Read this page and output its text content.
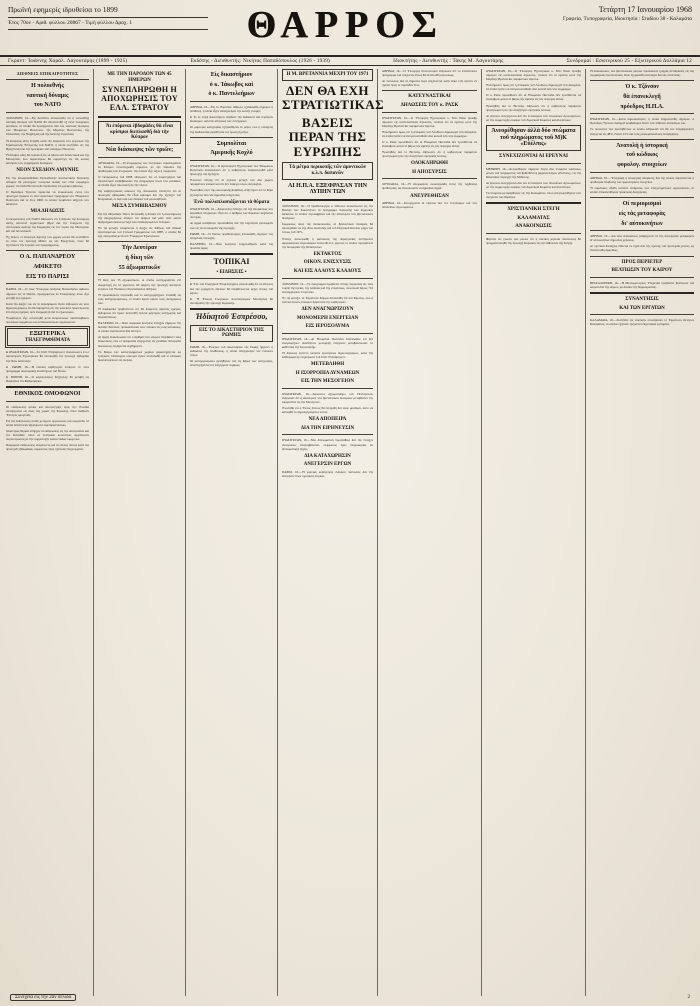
Πρωϊνή εφημερίς ιδρυθείσα το 1899
Έτος 70ον - Αριθ. φύλλου 20867 - Τιμή φύλλου Δραχ. 1	ΘΑΡΡΟΣ	Τετάρτη 17 Ιανουαρίου 1968
Γραφεία, Τυπογραφεία, Ιδιοκτησία : Σταδίου 38 - Καλαμάτα
Γκραντ: Ἰωάννης Χαραλ. Λαγουτάρης (1899 - 1925)	Εκδότης - Διευθυντής: Νικήτας Παπαδόπουλος (1926 - 1939)	Ιδιοκτήτης - Διευθυντής : Τάκης Μ. Λαγουτάρης	Συνδρομαί : Εσωτερικού 25 - Εξωτερικού Δολλάρια 12
ΔΙΕΘΝΕΙΣ ΕΠΙΚΑΙΡΟΤΗΤΕΣ
Η πολυεθνής
ναυτική δύναμις
του ΝΑΤΟ

ΛΟΝΔΙΝΟΝ, 16.—Εἰς Λονδῖνον ἀνεκοινώθη ὅτι ἡ πολυεθνὴς ναυτικὴ δύναμις τοῦ ΝΑΤΟ θὰ ἀποτελεσθῆ ἐξ ἑπτὰ πολεμικῶν μονάδων, αἱ ὁποῖαι θὰ προέρχωνται ἀπὸ τὰς ναυτικὰς δυνάμεις τῶν Ἡνωμένων Πολιτειῶν, τῆς Μεγάλης Βρεταννίας, τῆς Ὁλλανδίας, τῆς Νορβηγίας καὶ τῆς Δυτικῆς Γερμανίας.

Ἡ ἀπόφασις αὕτη ἐλήφθη κατὰ τὴν διάρκειαν τῶν ἐργασιῶν τῆς Στρατιωτικῆς Ἐπιτροπῆς τοῦ ΝΑΤΟ, ἡ ὁποία συνῆλθεν εἰς τὰς Βρυξέλλας ὑπὸ τὴν προεδρίαν τοῦ ναυάρχου Νίκολσον.

Ἡ δύναμις αὕτη θὰ περιπολῆ εἰς τὰ ὕδατα τοῦ Ἀτλαντικοῦ καὶ τῆς Μεσογείου, ἐνῶ παραλλήλως θὰ συμμετέχη εἰς τὰς κοινὰς ἀσκήσεις τῶν συμμαχικῶν δυνάμεων.

ΝΕΟΝ ΣΧΕΔΙΟΝ ΑΜΥΝΗΣ

Εἰς τὴν ἀποφασισθεῖσαν Πολυεθνικὴν Διατλαντικὴν Ναυτικὴν Δύναμιν θὰ μετάσχουν πολεμικὰ σκάφη τῶν ἑπτὰ συμμάχων χωρῶν, τὰ ὁποῖα θὰ ἐκτελοῦν περιπολίας ἐπὶ μονίμου βάσεως.

Ὁ Πρόεδρος Τζόνσον πρόκειται νὰ ἀνακοινώση ἐντὸς τῶν προσεχῶν ἡμερῶν τὸ νέον ἀμυντικὸν πρόγραμμα τῶν Ἡνωμένων Πολιτειῶν διὰ τὸ ἔτος 1968, τὸ ὁποῖον προβλέπει αὔξησιν τῶν δαπανῶν.

ΜΙΑ ΔΗΛΩΣΙΣ

Ὁ ἐκπρόσωπος τοῦ ΝΑΤΟ ἐδήλωσεν ὅτι ἡ ἵδρυσις τῆς δυνάμεως αὐτῆς ἀποτελεῖ σημαντικὸν βῆμα διὰ τὴν ἐνίσχυσιν τῆς συλλογικῆς ἀμύνης τῆς Συμμαχίας εἰς τὸν τομέα τῆς Μεσογείου καὶ τοῦ Ἀτλαντικοῦ.

Ἐξ ἄλλου, οἱ ὑπουργοὶ Ἀμύνης τῶν χωρῶν μελῶν θὰ συνέλθουν ἐκ νέου τὸν προσεχῆ Μάϊον εἰς τὰς Βρυξέλλας, ὅπου θὰ ἐξετάσουν τὴν πορείαν τοῦ προγράμματος.

Ο Α. ΠΑΠΑΝΔΡΕΟΥ
ΑΦΙΚΕΤΟ
ΕΙΣ ΤΟ ΠΑΡΙΣΙ

ΠΑΡΙΣΙ, 16.—Ὁ τέως Ὑπουργὸς Ἀνδρέας Παπανδρέου ἀφίκετο σήμερον εἰς τὸ Παρίσι, προερχόμενος ἐκ Στοκχόλμης, ὅπου εἶχε μεταβῆ πρὸ ἡμερῶν.

Κατὰ τὴν ἄφιξίν του εἰς τὸ ἀεροδρόμιον Ὀρλὺ ἐδήλωσεν εἰς τοὺς δημοσιογράφους ὅτι θὰ παραμείνη εἰς τὴν γαλλικὴν πρωτεύουσαν ἐπὶ ὀλίγας ἡμέρας, πρὶν ἀναχωρήση διὰ τὸ ἐξωτερικόν.

Ἐνωρίτερον εἶχε συναντηθῆ μετὰ ἐκπροσώπων σκανδιναβικῶν πολιτικῶν κομμάτων καὶ συνδικαλιστικῶν ὀργανώσεων.

ΕΞΩΤΕΡΙΚΑ
ΤΗΛΕΓΡΑΦΗΜΑΤΑ

● ΟΥΑΣΙΓΚΤΩΝ, 16.—Τὸ Στέϊτ Ντηπάρτμεντ ἀνεκοίνωσεν ὅτι ὁ ὑφυπουργὸς Ἐξωτερικῶν θὰ ἐπισκεφθῆ τὴν προσεχῆ ἑβδομάδα τὴν Ἄπω Ἀνατολήν.

● ΡΩΜΗ, 16.—Ἡ ἰταλικὴ κυβέρνησις ἐνέκρινε τὸ νέον πρόγραμμα οἰκονομικῆς ἀναπτύξεως τοῦ Νότου.

● ΒΟΝΝΗ, 16.—Ὁ καγκελλάριος Κήζινγκερ θὰ μεταβῆ εἰς Παρισίους τὸν Φεβρουάριον.

ΕΘΝΙΚΟΣ ΟΜΟΦΩΝΟΙ

Οἱ ἐκδηλώσεις φιλίας καὶ ἀλληλεγγύης πρὸς τὴν Ἑλλάδα συνεχίζονται εἰς ὅλας τὰς χώρας τῆς Εὐρώπης, ὅπου διαβιοῦν Ἕλληνες ὁμογενεῖς.

Εἰς τὰς ἐκδηλώσεις αὐτὰς μετέχουν ὀργανώσεις καὶ σωματεῖα, τὰ ὁποῖα ἀπέστειλαν ψηφίσματα συμπαραστάσεως.

Ἰδιαιτέρως θερμαὶ ὑπῆρξαν αἱ ἐκδηλώσεις εἰς τὴν Αὐστραλίαν καὶ τὸν Καναδᾶν, ὅπου αἱ ἑλληνικαὶ κοινότητες ὠργάνωσαν συγκεντρώσεις μὲ τὴν συμμετοχὴν ἑκατοντάδων ὁμογενῶν.

Παρόμοιαι ἐκδηλώσεις ἀνεμένοντο καὶ εἰς ἄλλας πόλεις κατὰ τὰς προσεχεῖς ἑβδομάδας, συμφώνως πρὸς σχετικὰς πληροφορίας.

ΜΕ ΤΗΝ ΠΑΡΟΔΟΝ ΤΩΝ 45 ΗΜΕΡΩΝ
ΣΥΝΕΠΛΗΡΩΘΗ Η ΑΠΟΧΩΡΗΣΙΣ ΤΟΥ ΕΛΛ. ΣΤΡΑΤΟΥ
Ἅι ἐπόμεναι ἑβδομάδες θὰ εἶναι κρίσιμοι διεπλασθῆ διὰ τὴν Κύπρον
Νέα διάσκεψις τῶν τριῶν;

ΛΕΥΚΩΣΙΑ, 16.—Ἡ ἀποχώρησις τῶν ἑλληνικῶν στρατευμάτων ἐκ Κύπρου συνεπληρώθη σήμερον, μὲ τὴν πάροδον τῆς προθεσμίας τῶν 45 ἡμερῶν, τὴν ὁποίαν εἶχε τάξει ἡ συμφωνία.

Ὁ ἐκπρόσωπος τοῦ ΟΗΕ ἐδήλωσεν ὅτι αἱ παρατηρηταὶ τοῦ Ὀργανισμοῦ ἐπεβεβαίωσαν τὴν ἀναχώρησιν ὅλων τῶν μονάδων, αἱ ὁποῖαι εἶχον ἀποσταλῆ εἰς τὴν νῆσον.

Εἰς κυβερνητικοὺς κύκλους τῆς Λευκωσίας ἐτονίζετο ὅτι αἱ προσεχεῖς ἑβδομάδες θὰ εἶναι κρίσιμοι διὰ τὴν ἐξέλιξιν τοῦ Κυπριακοῦ, ἐν ὄψει καὶ τῶν ἐπαφῶν τοῦ μεσολαβητοῦ.

ΜΕΣΑ ΣΥΜΒΙΒΑΣΜΟΥ

Εἰς τὴν ἀθηναϊκὴν Τύπον διετυπώθη ἡ ἄποψις ὅτι ἡ ὁλοκλήρωσις τῆς ἀποχωρήσεως ἀνοίγει τὸν δρόμον διὰ μίαν νέαν φάσιν διαπραγματεύσεων μεταξὺ τῶν ἐνδιαφερομένων πλευρῶν.

Ἐν τῷ μεταξύ, ἀναμένεται ἡ ἄφιξις εἰς Ἀθήνας τοῦ εἰδικοῦ ἀπεσταλμένου τοῦ Γενικοῦ Γραμματέως τοῦ ΟΗΕ, ὁ ὁποῖος θὰ ἔχη συνομιλίας μετὰ τοῦ Ὑπουργοῦ Ἐξωτερικῶν.

Τὴν Δευτέραν
ἡ δίκη τῶν
55 ἀξιωματικῶν

Ἡ δίκη τῶν 55 ἀξιωματικῶν, οἱ ὁποῖοι κατηγοροῦνται ἐπὶ συμμετοχῆ εἰς τὰ γεγονότα, θὰ ἀρχίση τὴν προσεχῆ Δευτέραν ἐνώπιον τοῦ Ἐκτάκτου Στρατοδικείου Ἀθηνῶν.

Ἡ προανάκρισις περατώθη καὶ τὸ κατηγορητήριον ἐπεδόθη εἰς τοὺς κατηγορουμένους, οἱ ὁποῖοι ἔχουν ὁρίσει τοὺς συνηγόρους των.

Ἡ διαδικασία προβλέπεται ὅτι θὰ διαρκέση ἀρκετὰς ἡμέρας, δεδομένου ὅτι ἔχουν κλητευθῆ πολλοὶ μάρτυρες κατηγορίας καὶ ὑπερασπίσεως.

ΠΑΛΕΡΜΟ, 16.—Νέαι σεισμικαὶ δονήσεις ἔπληξαν σήμερον τὴν δυτικὴν Σικελίαν, προκαλέσασαι νέον πανικὸν εἰς τοὺς κατοίκους, οἱ ὁποῖοι εὑρίσκονται ἤδη ἄστεγοι.

Αἱ ἀρχαὶ ἀνακοίνωσαν ὅτι ὁ ἀριθμὸς τῶν νεκρῶν ὑπερβαίνει τοὺς διακοσίους, ἐνῶ οἱ τραυματίαι ἀνέρχονται εἰς χιλιάδας. Συνεργεῖα διασώσεως ἐργάζονται νυχθημερόν.

Τὸ θέαμα τῶν κατεστραμμένων χωρίων χαρακτηρίζεται ὡς τραγικόν. Ὁλόκληροι οἰκισμοὶ ἔχουν ἰσοπεδωθῆ καὶ οἱ κάτοικοι διανυκτερεύουν εἰς σκηνάς.

Εἰς δικαστήριον
ὁ κ. Ἰάκωβος καὶ
ὁ κ. Παντελεήμων

ΑΘΗΝΑΙ, 16.—Εἰς τὸ Ἐφετεῖον Ἀθηνῶν ἐξεδικάσθη σήμερον ἡ ὑπόθεσις, ἡ ὁποία εἶχεν ἀπασχολήσει τὴν κοινὴν γνώμην.

● Τὸ ἐν λόγῳ Δικαστήριον ἀνέβαλε τὴν ἐκδίκασιν διὰ νεωτέραν δικάσιμον, κατόπιν αἰτήσεως τῶν συνηγόρων.

Οἱ μάρτυρες κατηγορίας ἐξητάσθησαν ἐν μέρει, ἐνῶ ἡ συνέχισις τῆς διαδικασίας ὡρίσθη διὰ τὸν προσεχῆ μῆνα.

Συμπολίται
Ἀμερικῆς Κοχλό

ΟΥΑΣΙΓΚΤΩΝ, 16.—Ὁ ὑφυπουργὸς Ἐξωτερικῶν τῶν Ἡνωμένων Πολιτειῶν ἀνεκοίνωσεν ὅτι ἡ κυβέρνησις παρακολουθεῖ μετὰ προσοχῆς τὰς ἐξελίξεις.

Ἐτόνισεν ἐπίσης ὅτι αἱ σχέσεις μεταξὺ τῶν δύο χωρῶν παραμένουν φιλικαὶ καὶ ὅτι δὲν ὑπάρχει λόγος ἀνησυχίας.

Ἐρωτηθεὶς περὶ τῆς οἰκονομικῆς βοηθείας, ἀπήντησεν ὅτι τὸ θέμα ἐξετάζεται ἀπὸ τὰς ἁρμοδίας ὑπηρεσίας.

Ἐνῶ πολλαπλασιάζονται τὰ θύματα

ΟΥΑΣΙΓΚΤΩΝ, 16.—Σαφεστάτη ἔνδειξις ἐπὶ τῆς ἀποφάσεως τῶν ἁρμοδίων ὑπηρεσιῶν εἶναι ὅτι ὁ ἀριθμὸς τῶν θυμάτων αὐξάνεται συνεχῶς.

Αἱ ἀρχαὶ κατέβαλαν προσπαθείας διὰ τὴν ταχυτέραν μεταφοράν των εἰς τὰ νοσοκομεῖα τῆς περιοχῆς.

ΡΩΜΗ, 16.—Ὁ Ἰταλὸς πρωθυπουργὸς ἐπεσκέφθη σήμερον τὰς πληγείσας περιοχάς.

ΠΑΛΕΡΜΟ, 16.—Νέαι δονήσεις ἐσημειώθησαν κατὰ τὰς πρωϊνὰς ὥρας.

ΤΟΠΙΚΑΙ
• ΕΙΔΗΣΕΙΣ •

● Ὑπὸ τοῦ Γεωργικοῦ Ἐπιμελητηρίου ἀνεκοινώθη ὅτι αἱ αἰτήσεις διὰ τὴν χορήγησιν δανείων θὰ ὑποβάλλωνται μέχρι τέλους τοῦ μηνός.

● Ἡ Ἕνωσις Γεωργικῶν Συνεταιρισμῶν Μεσσηνίας θὰ συνεδριάση τὴν προσεχῆ Κυριακήν.

Ἠδίκητοῦ Ἐσπρέσσο,
ΕΙΣ ΤΟ ΔΙΚΑΣΤΗΡΙΟΝ ΤΗΣ ΡΩΜΗΣ

ΡΩΜΗ, 16.—Ἐνώπιον τοῦ Δικαστηρίου τῆς Ρώμης ἤρχισεν ἡ ἐκδίκασις τῆς ὑποθέσεως, ἡ ὁποία ἀπησχόλησε τὸν ἰταλικὸν τύπον.

Οἱ κατηγορούμενοι ἠρνήθησαν τὰς εἰς βάρος των κατηγορίας, ὑποστηρίξαντες ὅτι ἐνήργησαν νομίμως.

Η Μ. ΒΡΕΤΑΝΝΙΑ ΜΕΧΡΙ ΤΟΥ 1971
ΔΕΝ ΘΑ ΕΧΗ ΣΤΡΑΤΙΩΤΙΚΑΣ
ΒΑΣΕΙΣ ΠΕΡΑΝ ΤΗΣ ΕΥΡΩΠΗΣ
Τὰ μέτρα περικοπῆς τῶν ἀμυντικῶν κ.λ.π. δαπανῶν
ΑΙ Η.Π.Α. ΕΞΕΦΡΑΣΑΝ ΤΗΝ ΛΥΠΗΝ ΤΩΝ

ΛΟΝΔΙΝΟΝ, 16.—Ὁ πρωθυπουργὸς κ. Οὐίλσον ἀνεκοίνωσεν εἰς τὴν Βουλὴν τῶν Κοινοτήτων τὸ πρόγραμμα περικοπῆς τῶν δημοσίων δαπανῶν, τὸ ὁποῖον περιλαμβάνει καὶ τὴν ἀπόσυρσιν τῶν βρεταννικῶν δυνάμεων.

Συμφώνως πρὸς τὰς ἀνακοινώσεις, αἱ βρεταννικαὶ δυνάμεις θὰ ἀποσυρθοῦν ἐκ τῆς Ἄπω Ἀνατολῆς καὶ τοῦ Περσικοῦ Κόλπου μέχρι τοῦ τέλους τοῦ 1971.

Ἐπίσης ἀνεκοινώθη ἡ ματαίωσις τῆς παραγγελίας πεντήκοντα ἀμερικανικῶν ἀεροσκαφῶν τύπου Φ-111, γεγονὸς τὸ ὁποῖον προεκάλεσε τὴν δυσφορίαν τῆς Οὐάσιγκτων.

ΕΚΤΑΚΤΟΣ
ΟΙΚΟΝ. ΕΝΙΣΧΥΣΙΣ
ΚΑΙ ΕΙΣ ΑΛΛΟΥΣ ΚΛΑΔΟΥΣ

ΛΟΝΔΙΝΟΝ, 16.—Τὸ πρόγραμμα προβλέπει ἐπίσης περικοπὰς εἰς τοὺς τομεῖς τῆς ὑγείας, τῆς παιδείας καὶ τῆς στεγάσεως, συνολικοῦ ὕψους 716 ἑκατομμυρίων στερλινῶν.

Ἐν τῷ μεταξύ, τὸ Ἐργατικὸν Κόμμα διεσπάσθη ἐπὶ τοῦ θέματος, ἐνῶ ἡ ἀντιπολίτευσις ἐπέκρινε δριμύτατα τὴν κυβέρνησιν.

ΔΕΝ ΑΝΑΓΝΩΡΙΖΟΥΝ
ΜΟΝΟΜΕΡΗ ΕΝΕΡΓΕΙΑΝ
ΕΙΣ ΙΕΡΟΣΟΛΥΜΑ

ΟΥΑΣΙΓΚΤΩΝ, 16.—Αἱ Ἡνωμέναι Πολιτεῖαι ἐπανέλαβον ὅτι δὲν ἀναγνωρίζουν οἱανδήποτε μονομερῆ ἐνέργειαν μεταβάλλουσαν τὸ καθεστὼς τῆς Ἱερουσαλήμ.

Ἡ δήλωσις ἐγένετο κατόπιν ἐρωτήσεως δημοσιογράφων, κατὰ τὴν καθιερωμένην ἐνημέρωσιν τοῦ Στέϊτ Ντηπάρτμεντ.

ΜΕΤΕΒΛΗΘΗ
Η ΙΣΟΡΡΟΠΙΑ ΔΥΝΑΜΕΩΝ
ΕΙΣ ΤΗΝ ΜΕΣΟΓΕΙΟΝ

ΟΥΑΣΙΓΚΤΩΝ, 16.—Ἀνώτατοι ἀξιωματοῦχοι τοῦ Πενταγώνου ἐδήλωσαν ὅτι ἡ ἀπόσυρσις τῶν βρεταννικῶν δυνάμεων μεταβάλλει τὴν ἰσορροπίαν εἰς τὴν Μεσόγειον.

Ἐτονίσθη ὅτι ὁ Ἕκτος Στόλος θὰ ἐνισχυθῆ διὰ νέων μονάδων, ὥστε νὰ καλυφθῆ τὸ δημιουργούμενον κενόν.

ΝΕΑ ΑΠΟΠΕΙΡΑ
ΔΙΑ ΤΗΝ ΕΙΡΗΝΕΥΣΙΝ

ΟΥΑΣΙΓΚΤΩΝ, 16.—Νέα διπλωματικὴ προσπάθεια διὰ τὴν ἔναρξιν συνομιλιῶν ἀναλαμβάνεται, συμφώνως πρὸς πληροφορίας ἐκ διπλωματικῆς πηγῆς.

ΔΙΑ ΚΑΤΑΧΩΡΗΣΙΝ
ΑΝΕΓΕΡΣΙΝ ΕΡΓΩΝ

ΠΑΡΙΣΙ, 16.—Ἡ γαλλικὴ κυβέρνησις ἐνέκρινε πιστώσεις διὰ τὴν ἀνέγερσιν νέων σχολικῶν κτιρίων.

ΑΘΗΝΑΙ, 16.—Ὁ Ὑπουργὸς Συντονισμοῦ ἐδήλωσεν ὅτι τὸ ἐπενδυτικὸν πρόγραμμα τοῦ τρέχοντος ἔτους θὰ ἐκτελεσθῆ κανονικῶς.

Αἱ πιστώσεις διὰ τὰ δημόσια ἔργα αὐξάνονται κατὰ δέκα τοῖς ἑκατὸν ἐν σχέσει πρὸς τὸ παρελθὸν ἔτος.

ΚΑΤΕΥΝΑΣΤΙΚΑΙ
ΔΗΛΩΣΕΙΣ ΤΟΥ κ. ΡΑΣΚ

ΟΥΑΣΙΓΚΤΩΝ, 16.—Ὁ Ὑπουργὸς Ἐξωτερικῶν κ. Ντὶν Ρὰσκ προέβη σήμερον εἰς κατευναστικὰς δηλώσεις, τονίσας ὅτι αἱ σχέσεις μετὰ τῆς Μεγάλης Βρεταννίας παραμένουν ἄριστοι.

Ἐπεσήμανεν ὅμως ὅτι ἡ ἀπόφασις τοῦ Λονδίνου δημιουργεῖ νέα δεδομένα, τὰ ὁποῖα πρέπει νὰ ἀντιμετωπισθοῦν ἀπὸ κοινοῦ ὑπὸ τῶν συμμάχων.

Ὁ κ. Ρὰσκ προσέθεσεν ὅτι αἱ Ἡνωμέναι Πολιτεῖαι δὲν προτίθενται νὰ ἀναλάβουν μόναι τὸ βάρος τῆς ἀμύνης εἰς τὰς περιοχὰς αὐτάς.

Ἐρωτηθεὶς διὰ τὸ Βιετνάμ, ἐδήλωσεν ὅτι ἡ κυβέρνησις παραμένει προσηλωμένη εἰς τὴν ἀναζήτησιν εἰρηνικῆς λύσεως.

ΟΛΟΚΛΗΡΩΘΗ
Η ΑΠΟΣΥΡΣΙΣ

ΛΕΥΚΩΣΙΑ, 16.—Ἡ ἀποχώρησις ὡλοκληρώθη ἐντὸς τῆς ταχθείσης προθεσμίας, ὡς ἀνεκοίνωσαν αἱ ἁρμόδιαι ἀρχαί.

ΑΝΕΥΡΕΘΗΣΑΝ

ΑΘΗΝΑΙ, 16.—Συνεχίζονται αἱ ἔρευναι διὰ τὸν ἐντοπισμὸν καὶ τῶν ὑπολοίπων ἀγνοουμένων.

ΟΥΑΣΙΓΚΤΩΝ, 16.—Ὁ Ὑπουργὸς Ἐξωτερικῶν κ. Ντὶν Ρὰσκ προέβη σήμερον εἰς κατευναστικὰς δηλώσεις, τονίσας ὅτι αἱ σχέσεις μετὰ τῆς Μεγάλης Βρεταννίας παραμένουν ἄριστοι.

Ἐπεσήμανεν ὅμως ὅτι ἡ ἀπόφασις τοῦ Λονδίνου δημιουργεῖ νέα δεδομένα, τὰ ὁποῖα πρέπει νὰ ἀντιμετωπισθοῦν ἀπὸ κοινοῦ ὑπὸ τῶν συμμάχων.

Ὁ κ. Ρὰσκ προσέθεσεν ὅτι αἱ Ἡνωμέναι Πολιτεῖαι δὲν προτίθενται νὰ ἀναλάβουν μόναι τὸ βάρος τῆς ἀμύνης εἰς τὰς περιοχὰς αὐτάς.

Ἐρωτηθεὶς διὰ τὸ Βιετνάμ, ἐδήλωσεν ὅτι ἡ κυβέρνησις παραμένει προσηλωμένη εἰς τὴν ἀναζήτησιν εἰρηνικῆς λύσεως.

Αἱ ἔρευναι συνεχίζονται διὰ τὸν ἐντοπισμὸν τῶν ὑπολοίπων ἀγνοουμένων, μὲ τὴν συμμετοχὴν σκαφῶν τοῦ Λιμενικοῦ Σώματος καὶ ἀλιευτικῶν.

Ἀνευρέθησαν ἀλλὰ δύο πτώματα
τοῦ πληρώματος τοῦ Μ)Κ «Εὐέλπις»
ΣΥΝΕΧΙΖΟΝΤΑΙ ΑΙ ΕΡΕΥΝΑΙ

ΜΕΘΩΝΗ, 16.—Ἀνευρέθησαν σήμερον ἕτερα δύο πτώματα ναυτικῶν, μελῶν τοῦ πληρώματος τοῦ βυθισθέντος μηχανοκινήτου «Εὐέλπις», εἰς τὴν θαλασσίαν περιοχὴν τῆς Μεθώνης.

Αἱ ἔρευναι συνεχίζονται διὰ τὸν ἐντοπισμὸν τῶν ὑπολοίπων ἀγνοουμένων, μὲ τὴν συμμετοχὴν σκαφῶν τοῦ Λιμενικοῦ Σώματος καὶ ἀλιευτικῶν.

Τὰ πτώματα μετεφέρθησαν εἰς τὴν Καλαμάταν, ὅπου ἀνεγνωρίσθησαν ὑπὸ συγγενῶν τῶν θυμάτων.

ΧΡΙΣΤΙΑΝΙΚΗ ΣΤΕΓΗ
ΚΑΛΑΜΑΤΑΣ
ΑΝΑΚΟΙΝΩΣΙΣ

Φέρεται εἰς γνῶσιν τῶν μελῶν ὅτι ἡ τακτικὴ μηνιαία συνέλευσις θὰ πραγματοποιηθῆ τὴν προσεχῆ Κυριακὴν εἰς τὴν αἴθουσαν τῆς Στέγης.

Ἡ ἀνακοίνωσις τῶν βρεταννικῶν μέτρων προεκάλεσε ζωηρὰς ἀντιδράσεις εἰς τὰς συμμαχικὰς πρωτευούσας, ὅπου ἐξεφράσθη ἀνησυχία διὰ τὰς συνεπείας.

Ὁ κ. Τζόνσον
θὰ ἐπανεκλεγῆ
πρόεδρος Η.Π.Α.

ΟΥΑΣΙΓΚΤΩΝ, 16.—Κατὰ δημοσκόπησιν, ἡ ὁποία ἐδημοσιεύθη σήμερον, ὁ Πρόεδρος Τζόνσον διατηρεῖ προβάδισμα ἔναντι τῶν πιθανῶν ἀντιπάλων του.

Τὸ ποσοστὸν τῶν ἐρωτηθέντων οἱ ὁποῖοι ἐδήλωσαν ὅτι θὰ τὸν ὑπερψηφίσουν ἀνέρχεται εἰς 48%, ἔναντι 41% διὰ τοὺς ρεπουμπλικανοὺς ὑποψηφίους.

Ἀνατολὴ ἡ ἱστορική
τοῦ κώδικος
φορολογ. στοιχείων

ΑΘΗΝΑΙ, 16.—Ὑπεγράφη ἡ ὑπουργικὴ ἀπόφασις, διὰ τῆς ὁποίας παρατείνεται ἡ προθεσμία ὑποβολῆς τῶν φορολογικῶν στοιχείων.

Ἡ παράτασις ἐδόθη κατόπιν αἰτήματος τῶν ἐπαγγελματικῶν ὀργανώσεων, αἱ ὁποῖαι ἐπεκαλέσθησαν πρακτικὰς δυσχερείας.

Οἱ περιορισμοὶ
εἰς τὰς μεταφορὰς
δι' αὐτοκινήτων

ΑΘΗΝΑΙ, 16.—Διὰ νέας ἀποφάσεως ρυθμίζονται τὰ τῆς διενεργείας μεταφορῶν δι' αὐτοκινήτων δημοσίας χρήσεως.

Αἱ σχετικαὶ διατάξεις τίθενται ἐν ἰσχύϊ ἀπὸ τῆς πρώτης τοῦ προσεχοῦς μηνός, ὡς ἀνεκοινώθη ἁρμοδίως.

ΠΡΟΣ ΠΕΡΙΕΤΕΡ
ΒΕΛΤΙΩΣΙΝ ΤΟΥ ΚΑΙΡΟΥ

ΘΕΣΣΑΛΟΝΙΚΗ, 16.—Ἡ Μετεωρολογικὴ Ὑπηρεσία προβλέπει βελτίωσιν τοῦ καιροῦ ἀπὸ τῆς αὔριον, μὲ ἄνοδον τῆς θερμοκρασίας.

ΣΥΝΑΝΤΗΣΙΣ
ΚΑΙ ΤΩΝ ΕΡΓΑΤΩΝ

ΚΑΛΑΜΑΤΑ, 16.—Συνῆλθεν εἰς τακτικὴν συνεδρίασιν τὸ Ἐργατικὸν Κέντρον Καλαμάτας, τὸ ὁποῖον ἐξήτασε τρέχοντα ὑπηρεσιακὰ ζητήματα.

Συνέχεια εἰς τὴν 2αν σελίδα	2
